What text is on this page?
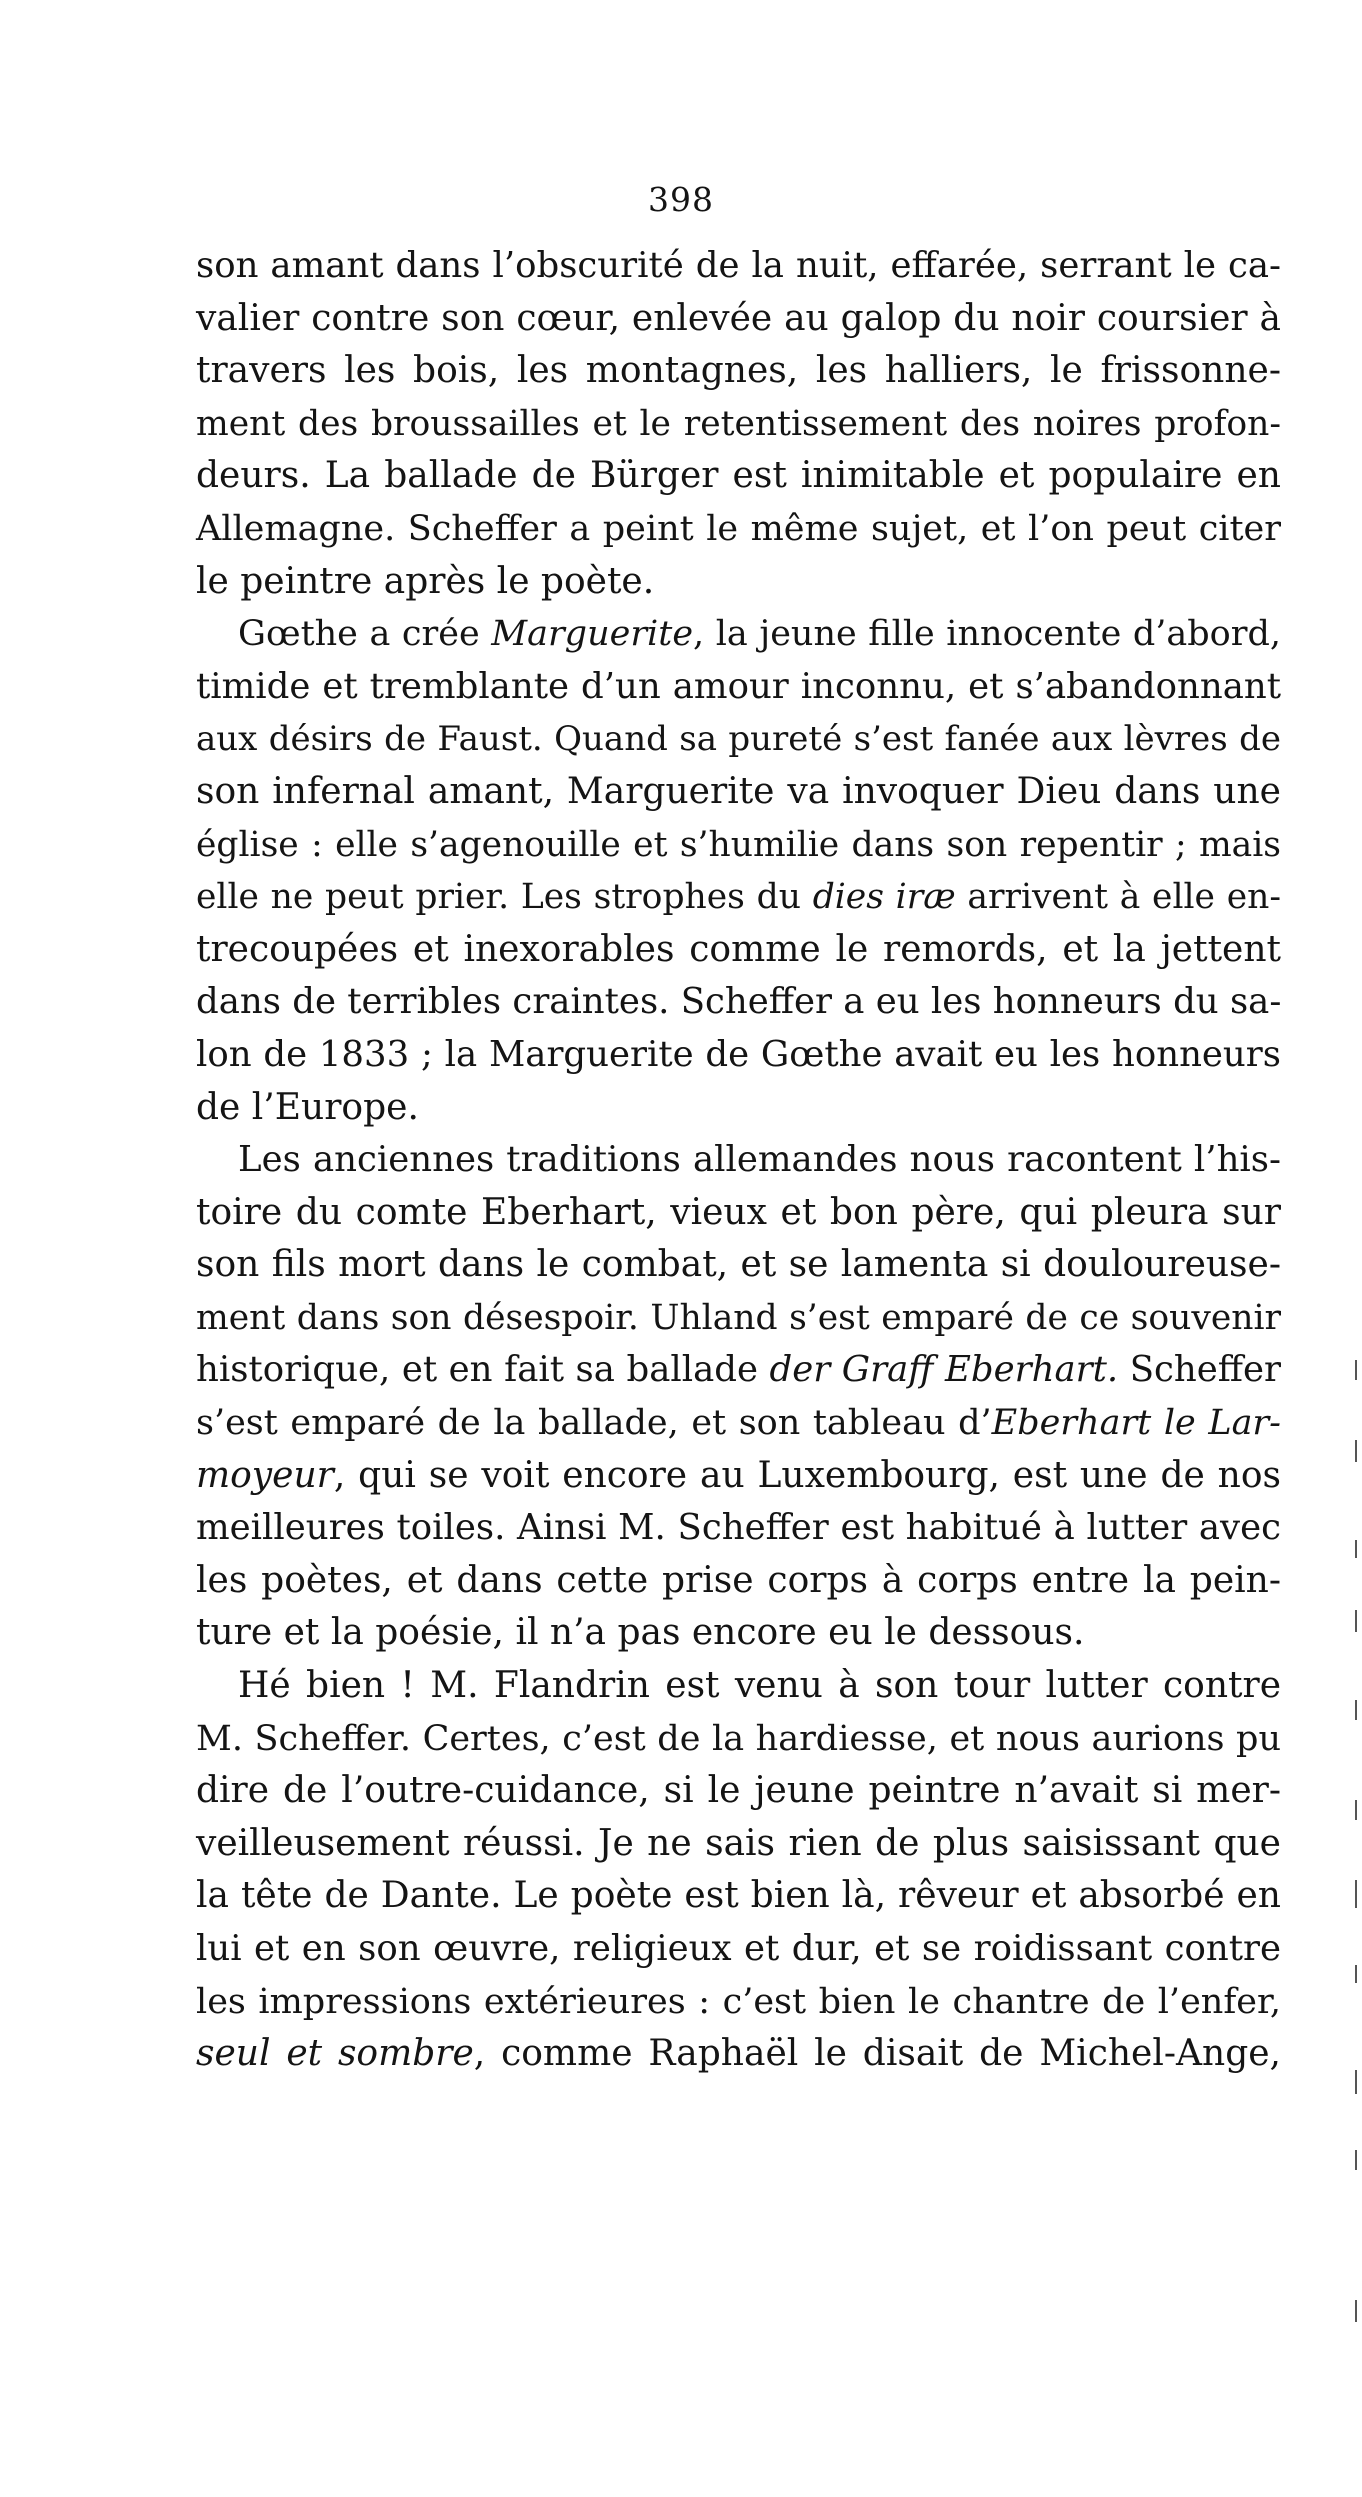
398
son amant dans l’obscurité de la nuit, effarée, serrant le ca-
valier contre son cœur, enlevée au galop du noir coursier à
travers les bois, les montagnes, les halliers, le frissonne-
ment des broussailles et le retentissement des noires profon-
deurs. La ballade de Bürger est inimitable et populaire en
Allemagne. Scheffer a peint le même sujet, et l’on peut citer
le peintre après le poète.
Gœthe a crée Marguerite, la jeune fille innocente d’abord,
timide et tremblante d’un amour inconnu, et s’abandonnant
aux désirs de Faust. Quand sa pureté s’est fanée aux lèvres de
son infernal amant, Marguerite va invoquer Dieu dans une
église : elle s’agenouille et s’humilie dans son repentir ; mais
elle ne peut prier. Les strophes du dies iræ arrivent à elle en-
trecoupées et inexorables comme le remords, et la jettent
dans de terribles craintes. Scheffer a eu les honneurs du sa-
lon de 1833 ; la Marguerite de Gœthe avait eu les honneurs
de l’Europe.
Les anciennes traditions allemandes nous racontent l’his-
toire du comte Eberhart, vieux et bon père, qui pleura sur
son fils mort dans le combat, et se lamenta si douloureuse-
ment dans son désespoir. Uhland s’est emparé de ce souvenir
historique, et en fait sa ballade der Graff Eberhart. Scheffer
s’est emparé de la ballade, et son tableau d’Eberhart le Lar-
moyeur, qui se voit encore au Luxembourg, est une de nos
meilleures toiles. Ainsi M. Scheffer est habitué à lutter avec
les poètes, et dans cette prise corps à corps entre la pein-
ture et la poésie, il n’a pas encore eu le dessous.
Hé bien ! M. Flandrin est venu à son tour lutter contre
M. Scheffer. Certes, c’est de la hardiesse, et nous aurions pu
dire de l’outre-cuidance, si le jeune peintre n’avait si mer-
veilleusement réussi. Je ne sais rien de plus saisissant que
la tête de Dante. Le poète est bien là, rêveur et absorbé en
lui et en son œuvre, religieux et dur, et se roidissant contre
les impressions extérieures : c’est bien le chantre de l’enfer,
seul et sombre, comme Raphaël le disait de Michel-Ange,
